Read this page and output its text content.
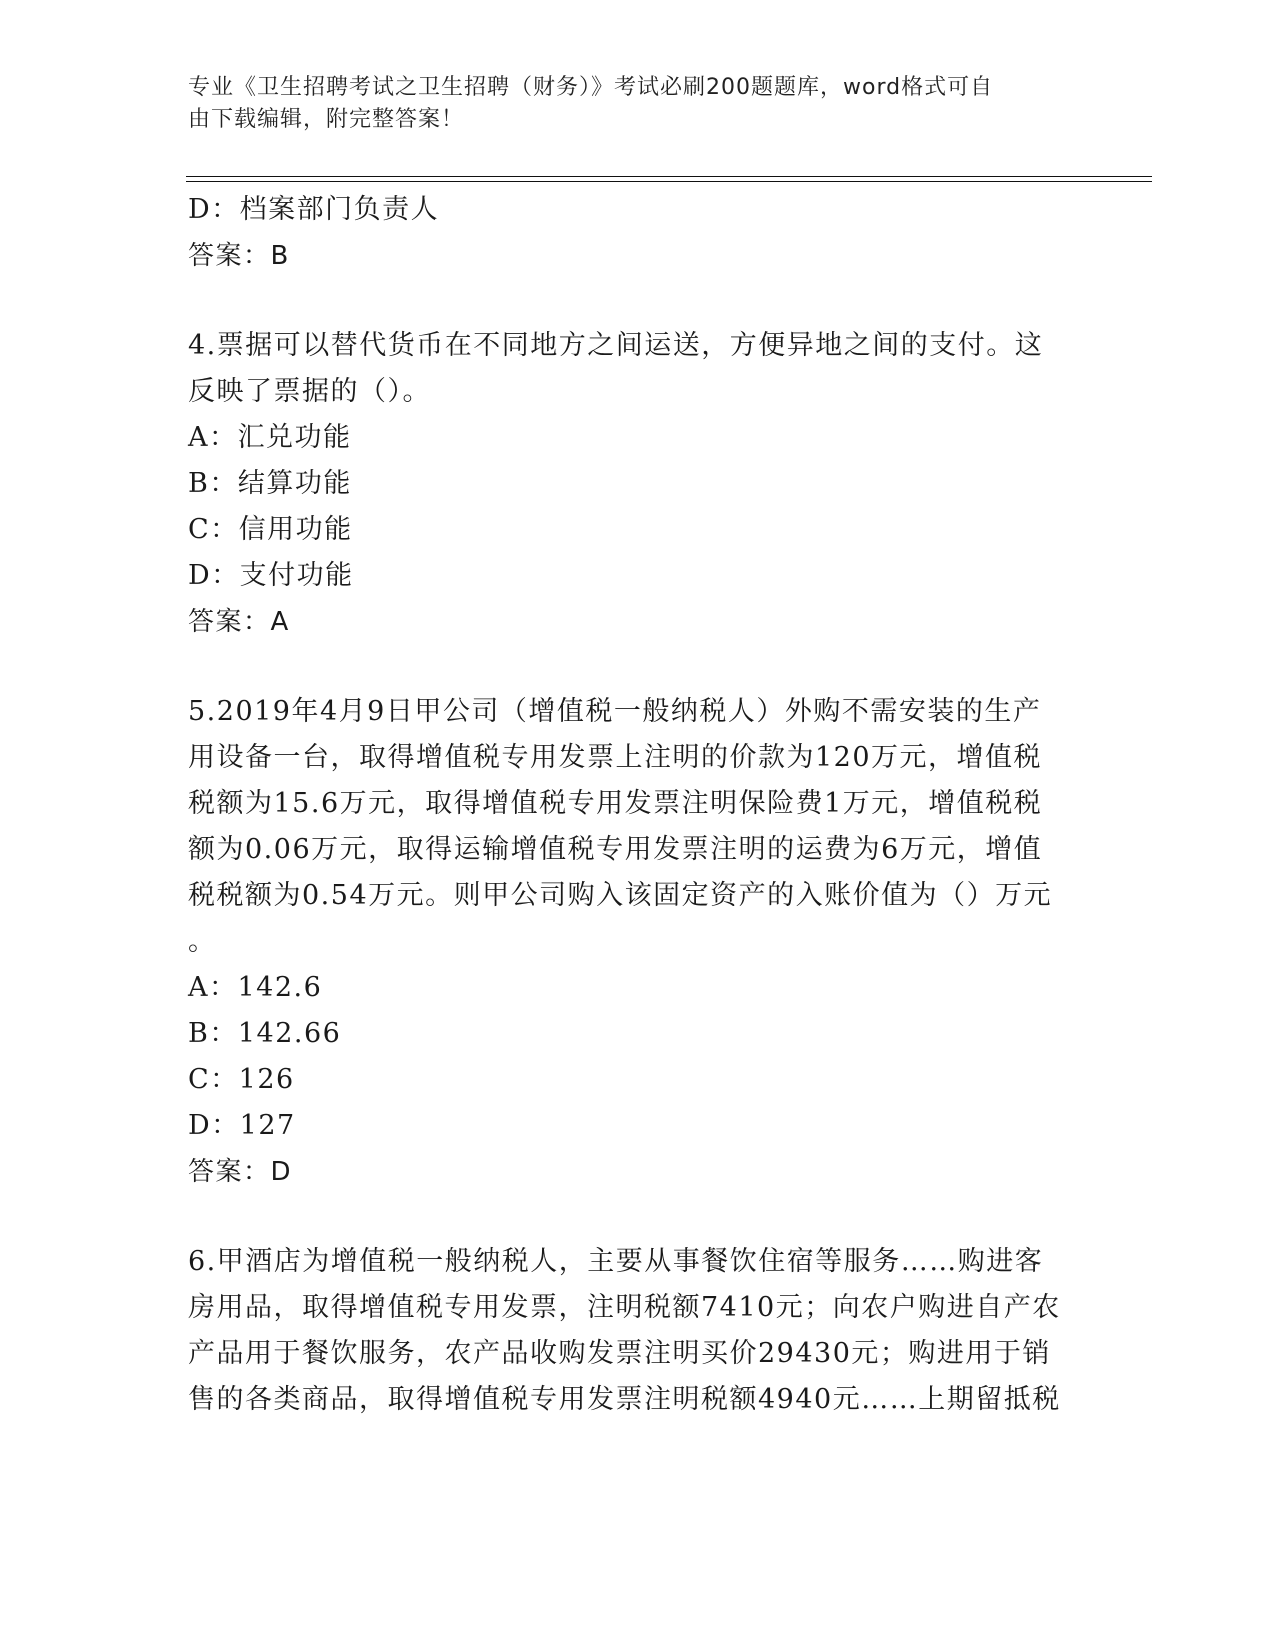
专业《卫生招聘考试之卫生招聘（财务）》考试必刷200题题库，word格式可自
由下载编辑，附完整答案！
D：档案部门负责人
答案：B
4.票据可以替代货币在不同地方之间运送，方便异地之间的支付。这
反映了票据的（）。
A：汇兑功能
B：结算功能
C：信用功能
D：支付功能
答案：A
5.2019年4月9日甲公司（增值税一般纳税人）外购不需安装的生产
用设备一台，取得增值税专用发票上注明的价款为120万元，增值税
税额为15.6万元，取得增值税专用发票注明保险费1万元，增值税税
额为0.06万元，取得运输增值税专用发票注明的运费为6万元，增值
税税额为0.54万元。则甲公司购入该固定资产的入账价值为（）万元
。
A：142.6
B：142.66
C：126
D：127
答案：D
6.甲酒店为增值税一般纳税人，主要从事餐饮住宿等服务……购进客
房用品，取得增值税专用发票，注明税额7410元；向农户购进自产农
产品用于餐饮服务，农产品收购发票注明买价29430元；购进用于销
售的各类商品，取得增值税专用发票注明税额4940元……上期留抵税
